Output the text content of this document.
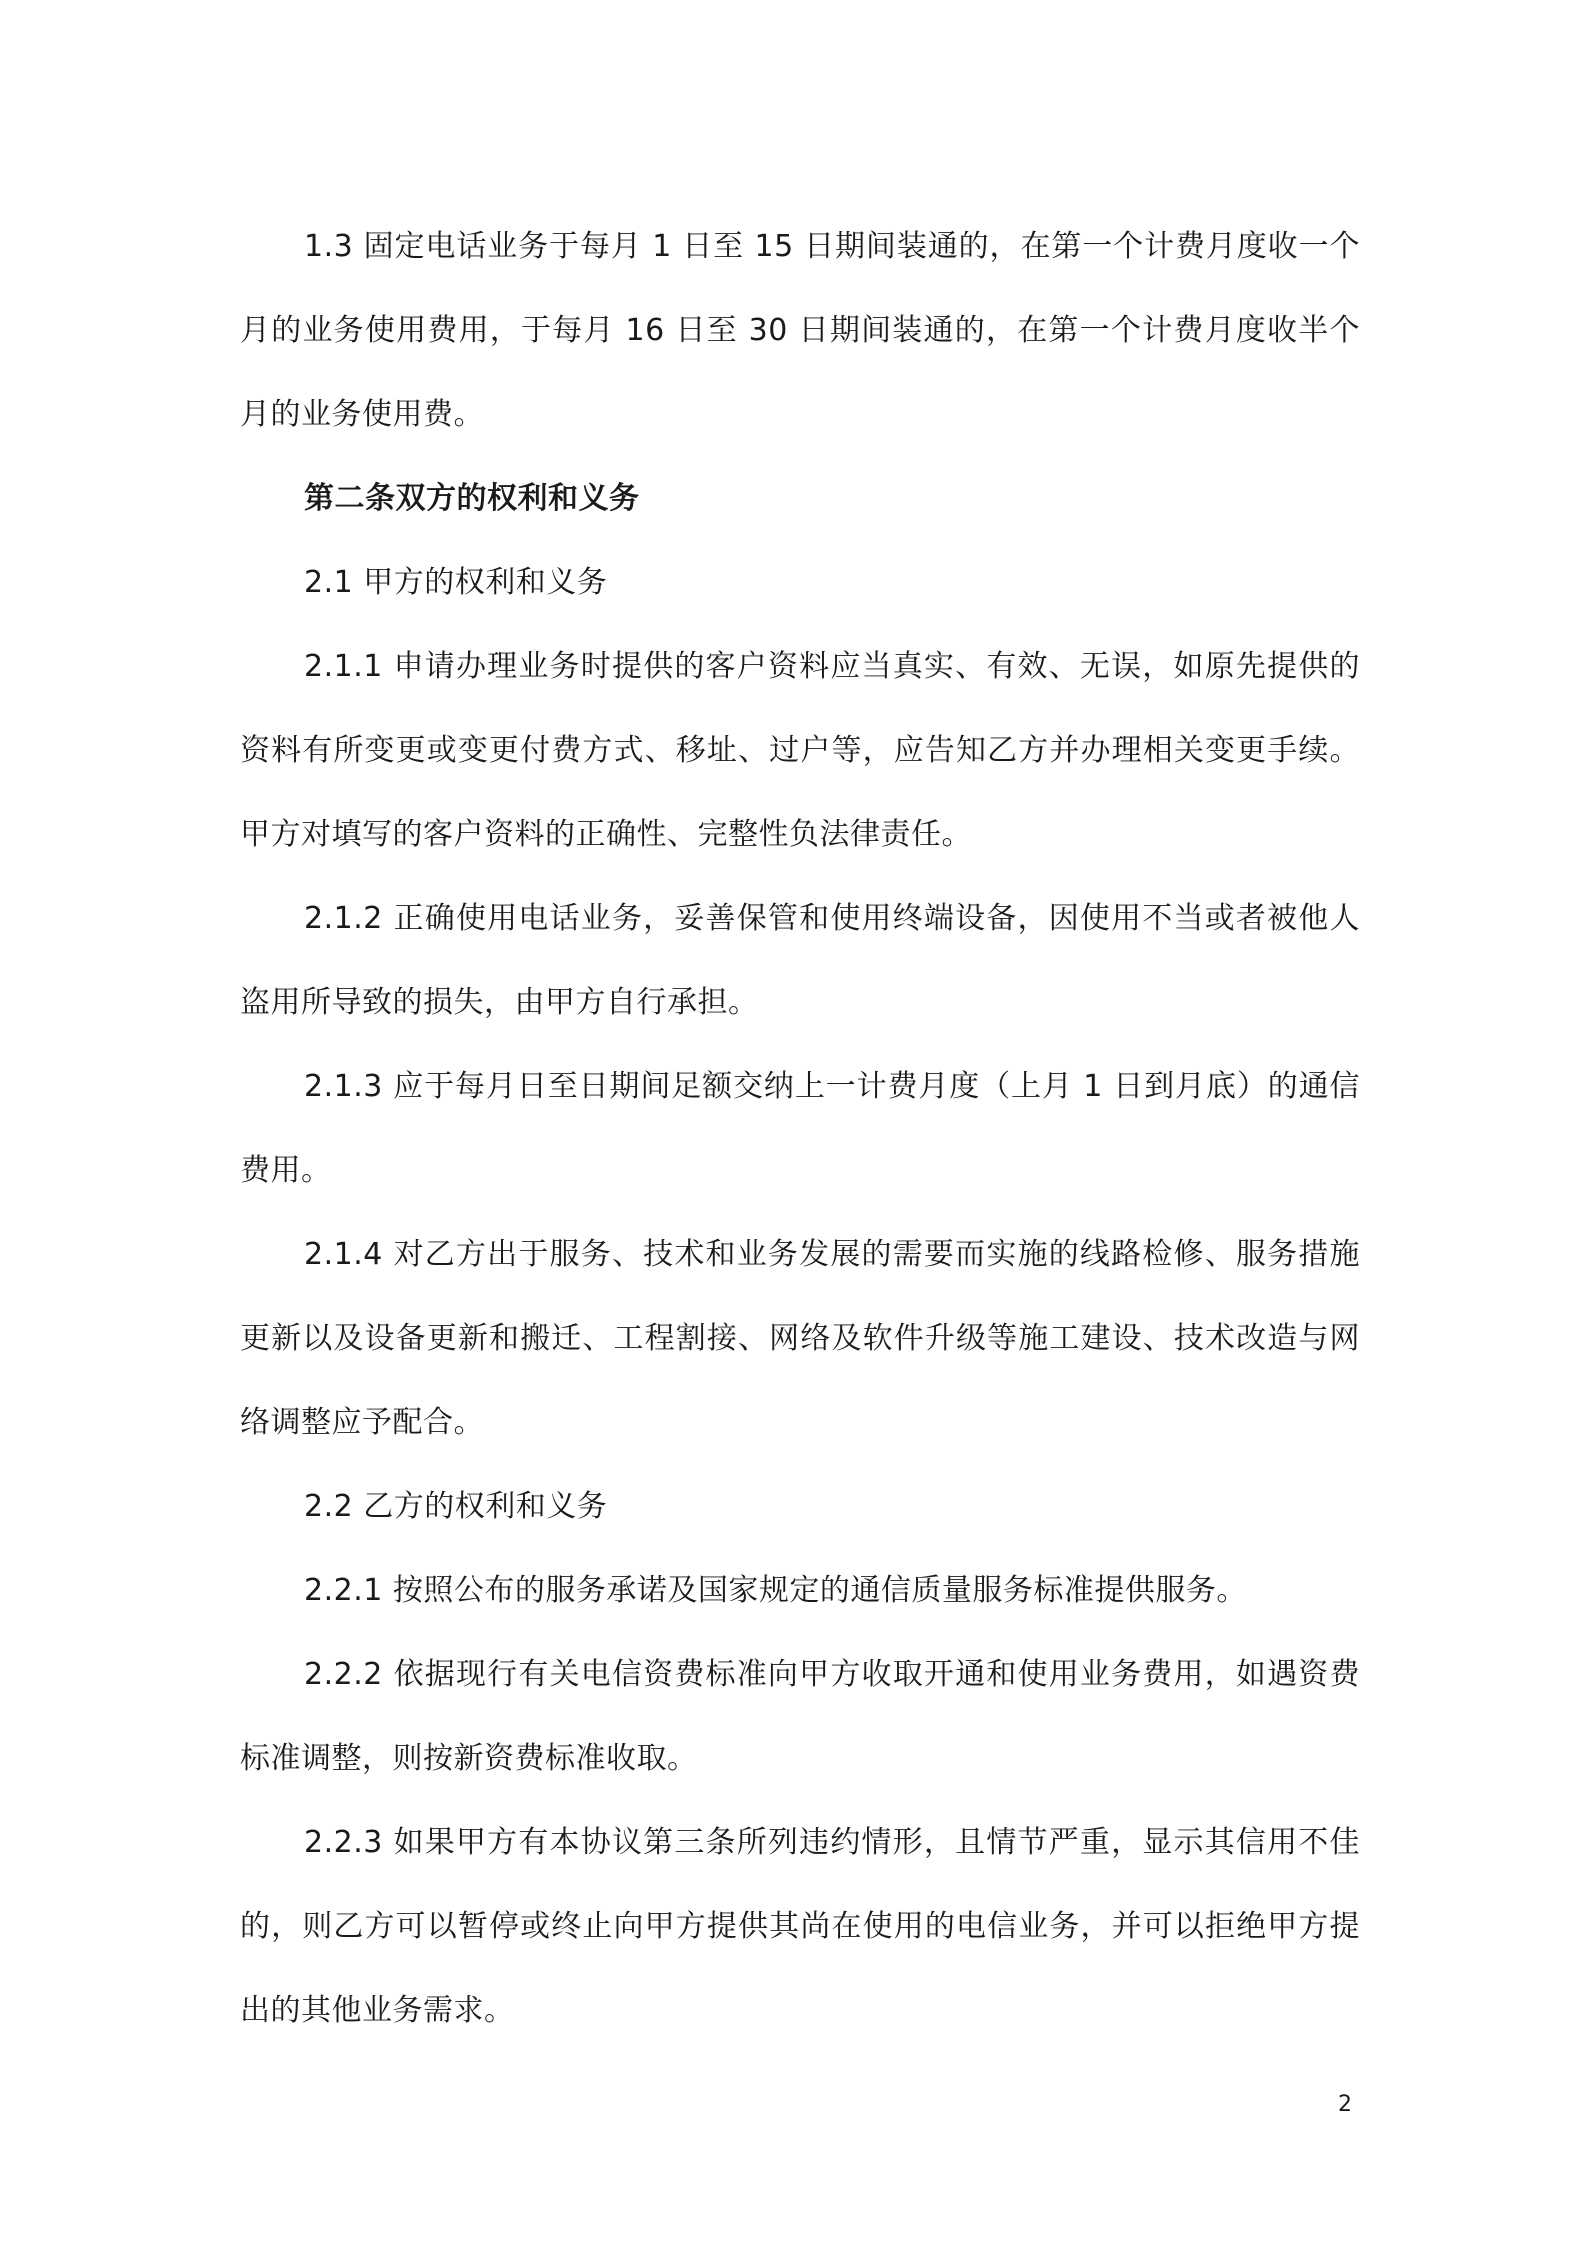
1.3 固定电话业务于每月 1 日至 15 日期间装通的，在第一个计费月度收一个月的业务使用费用，于每月 16 日至 30 日期间装通的，在第一个计费月度收半个月的业务使用费。

第二条双方的权利和义务

2.1 甲方的权利和义务

2.1.1 申请办理业务时提供的客户资料应当真实、有效、无误，如原先提供的资料有所变更或变更付费方式、移址、过户等，应告知乙方并办理相关变更手续。甲方对填写的客户资料的正确性、完整性负法律责任。

2.1.2 正确使用电话业务，妥善保管和使用终端设备，因使用不当或者被他人盗用所导致的损失，由甲方自行承担。

2.1.3 应于每月日至日期间足额交纳上一计费月度（上月 1 日到月底）的通信费用。

2.1.4 对乙方出于服务、技术和业务发展的需要而实施的线路检修、服务措施更新以及设备更新和搬迁、工程割接、网络及软件升级等施工建设、技术改造与网络调整应予配合。

2.2 乙方的权利和义务

2.2.1 按照公布的服务承诺及国家规定的通信质量服务标准提供服务。

2.2.2 依据现行有关电信资费标准向甲方收取开通和使用业务费用，如遇资费标准调整，则按新资费标准收取。

2.2.3 如果甲方有本协议第三条所列违约情形，且情节严重，显示其信用不佳的，则乙方可以暂停或终止向甲方提供其尚在使用的电信业务，并可以拒绝甲方提出的其他业务需求。

2
